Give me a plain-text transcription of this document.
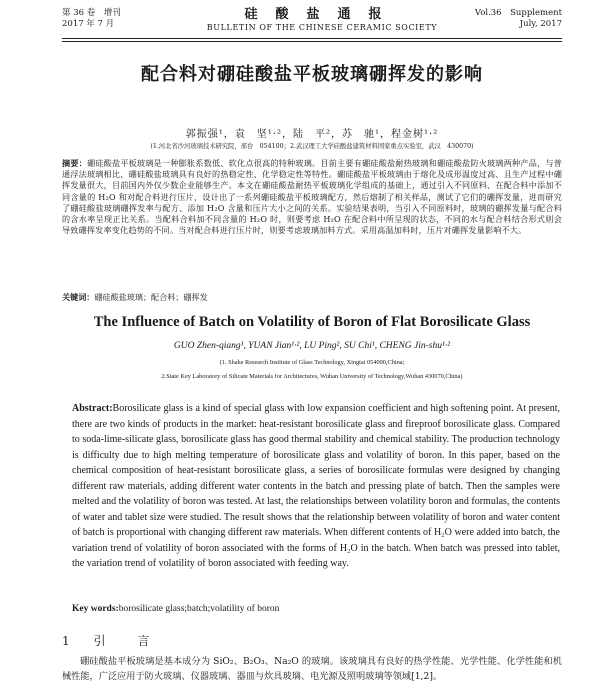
第 36 卷　增刊
2017 年 7 月
硅酸盐通报
BULLETIN OF THE CHINESE CERAMIC SOCIETY
Vol.36　Supplement
July, 2017
配合料对硼硅酸盐平板玻璃硼挥发的影响
郭振强¹，袁　坚¹·²，陆　平²，苏　驰¹，程金树¹·²
(1.河北省沙河玻璃技术研究院，邢台　054100；2.武汉理工大学硅酸盐建筑材料国家重点实验室，武汉　430070)
摘要：硼硅酸盐平板玻璃是一种膨胀系数低、软化点很高的特种玻璃。目前主要有硼硅酸盐耐热玻璃和硼硅酸盐防火玻璃两种产品，与普通浮法玻璃相比，硼硅酸盐玻璃具有良好的热稳定性、化学稳定性等特性。硼硅酸盐平板玻璃由于熔化及成形温度过高、且生产过程中硼挥发量很大，目前国内外仅少数企业能够生产。本文在硼硅酸盐耐热平板玻璃化学组成的基础上，通过引入不同原料、在配合料中添加不同含量的 H₂O 和对配合料进行压片，设计出了一系列硼硅酸盐平板玻璃配方，然后熔制了相关样品，测试了它们的硼挥发量，进而研究了硼硅酸盐玻璃硼挥发率与配方、添加 H₂O 含量和压片大小之间的关系。实验结果表明，当引入不同原料时，玻璃的硼挥发量与配合料的含水率呈现正比关系。当配料合料加不同含量的 H₂O 时，则要考虑 H₂O 在配合料中所呈现的状态，不同的水与配合料结合形式则会导致硼挥发率变化趋势的不同。当对配合料进行压片时，则要考虑玻璃加料方式。采用高温加料时，压片对硼挥发量影响不大。
关键词：硼硅酸盐玻璃；配合料；硼挥发
The Influence of Batch on Volatility of Boron of Flat Borosilicate Glass
GUO Zhen-qiang¹, YUAN Jian¹·², LU Ping², SU Chi¹, CHENG Jin-shu¹·²
(1. Shahe Research Institute of Glass Technology, Xingtai 054000,China;
2.State Key Laboratory of Silicate Materials for Architectures, Wuhan University of Technology,Wuhan 430070,China)
Abstract:Borosilicate glass is a kind of special glass with low expansion coefficient and high softening point. At present, there are two kinds of products in the market: heat-resistant borosilicate glass and fireproof borosilicate glass. Compared to soda-lime-silicate glass, borosilicate glass has good thermal stability and chemical stability. The production technology is difficulty due to high melting temperature of borosilicate glass and volatility of boron. In this paper, based on the chemical composition of heat-resistant borosilicate glass, a series of borosilicate formulas were designed by changing different raw materials, adding different water contents in the batch and pressing plate of batch. Then the samples were melted and the volatility of boron was tested. At last, the relationships between volatility boron and formulas, the contents of water and tablet size were studied. The result shows that the relationship between volatility of boron and water content of batch is proportional with changing different raw materials. When different contents of H₂O were added into batch, the variation trend of volatility of boron associated with the forms of H₂O in the batch. When batch was pressed into tablet, the variation trend of volatility of boron associated with feeding way.
Key words:borosilicate glass;batch;volatility of boron
1 引　言
硼硅酸盐平板玻璃是基本成分为 SiO₂、B₂O₃、Na₂O 的玻璃。该玻璃具有良好的热学性能、光学性能、化学性能和机械性能，广泛应用于防火玻璃、仪器玻璃、器皿与炊具玻璃、电光源及照明玻璃等领域[1,2]。
